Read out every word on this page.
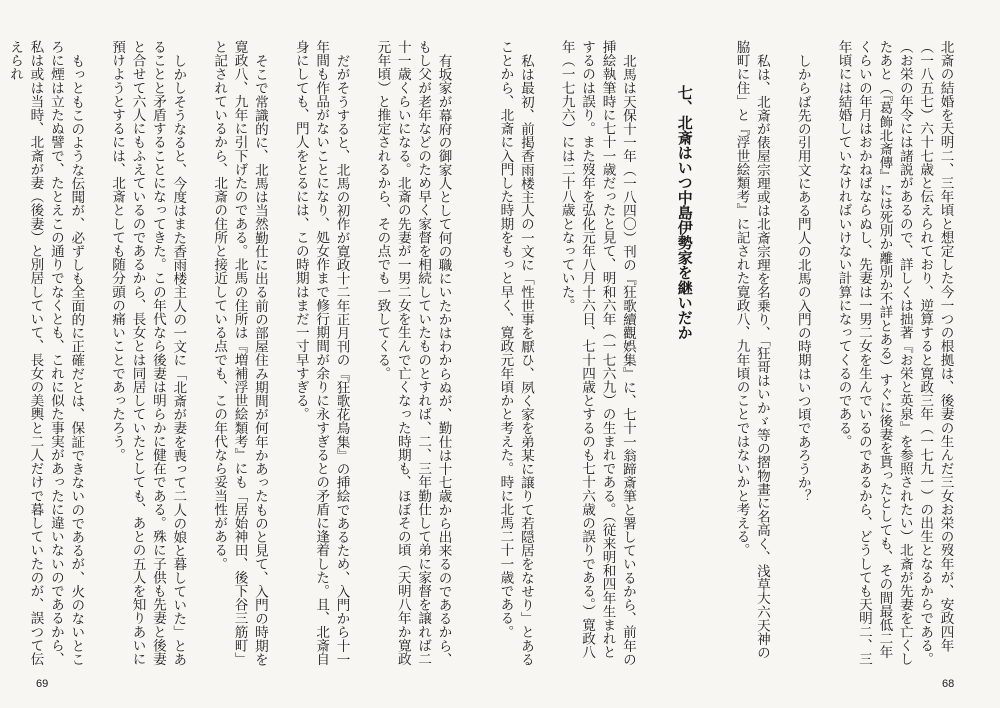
有坂家が幕府の御家人として何の職にいたかはわからぬが、勤仕は十七歳から出来るのであるから、もし父が老年などのため早く家督を相続していたものとすれば、二、三年勤仕して弟に家督を譲れば二十一歳くらいになる。北斎の先妻が一男二女を生んで亡くなった時期も、ほぼその頃（天明八年か寛政元年頃）と推定されるから、その点でも一致してくる。

だがそうすると、北馬の初作が寛政十二年正月刊の『狂歌花鳥集』の挿絵であるため、入門から十一年間も作品がないことになり、処女作まで修行期間が余りに永すぎるとの矛盾に逢着した。且、北斎自身にしても、門人をとるには、この時期はまだ一寸早すぎる。

そこで常識的に、北馬は当然勤仕に出る前の部屋住み期間が何年かあったものと見て、入門の時期を寛政八、九年に引下げたのである。北馬の住所は『増補浮世絵類考』にも「居始神田、後下谷三筋町」と記されているから、北斎の住所と接近している点でも、この年代なら妥当性がある。

しかしそうなると、今度はまた香雨楼主人の一文に「北斎が妻を喪って二人の娘と暮していた」とあることと矛盾することになってきた。この年代なら後妻は明らかに健在である。殊に子供も先妻と後妻と合せて六人にもふえているのであるから、長女とは同居していたとしても、あとの五人を知りあいに預けようとするには、北斎としても随分頭の痛いことであったろう。

もっともこのような伝聞が、必ずしも全面的に正確だとは、保証できないのであるが、火のないところに煙は立たぬ譬で、たとえこの通りでなくとも、これに似た事実があったに違いないのであるから、私は或は当時、北斎が妻（後妻）と別居していて、長女の美輿と二人だけで暮していたのが、誤つて伝えられ

69

北斎の結婚を天明二、三年頃と想定した今一つの根拠は、後妻の生んだ三女お栄の歿年が、安政四年（一八五七）六十七歳と伝えられており、逆算すると寛政三年（一七九一）の出生となるからである。（お栄の年令には諸説があるので、詳しくは拙著『お栄と英泉』を参照されたい）北斎が先妻を亡くしたあと（『葛飾北斎傳』には死別か離別か不詳とある）すぐに後妻を貰ったとしても、その間最低二年くらいの年月はおかねばならぬし、先妻は一男二女を生んでいるのであるから、どうしても天明二、三年頃には結婚していなければいけない計算になってくるのである。

しからば先の引用文にある門人の北馬の入門の時期はいつ頃であろうか？

私は、北斎が俵屋宗理或は北斎宗理を名乗り、「狂哥はいかゞ等の摺物畫に名高く、浅草大六天神の脇町に住」と『浮世絵類考』に記された寛政八、九年頃のことではないかと考える。

七、北斎はいつ中島伊勢家を継いだか

北馬は天保十一年（一八四〇）刊の『狂歌續觀娯集』に、七十一翁蹄斎筆と署しているから、前年の挿絵執筆時に七十一歳だったと見て、明和六年（一七六九）の生まれである。（従来明和四年生まれとするのは誤り。また歿年を弘化元年八月十六日、七十四歳とするのも七十六歳の誤りである。）寛政八年（一七九六）には二十八歳となっていた。

私は最初、前掲香雨楼主人の一文に「性世事を厭ひ、夙く家を弟某に譲りて若隠居をなせり」とあることから、北斎に入門した時期をもっと早く、寛政元年頃かと考えた。時に北馬二十一歳である。

68
